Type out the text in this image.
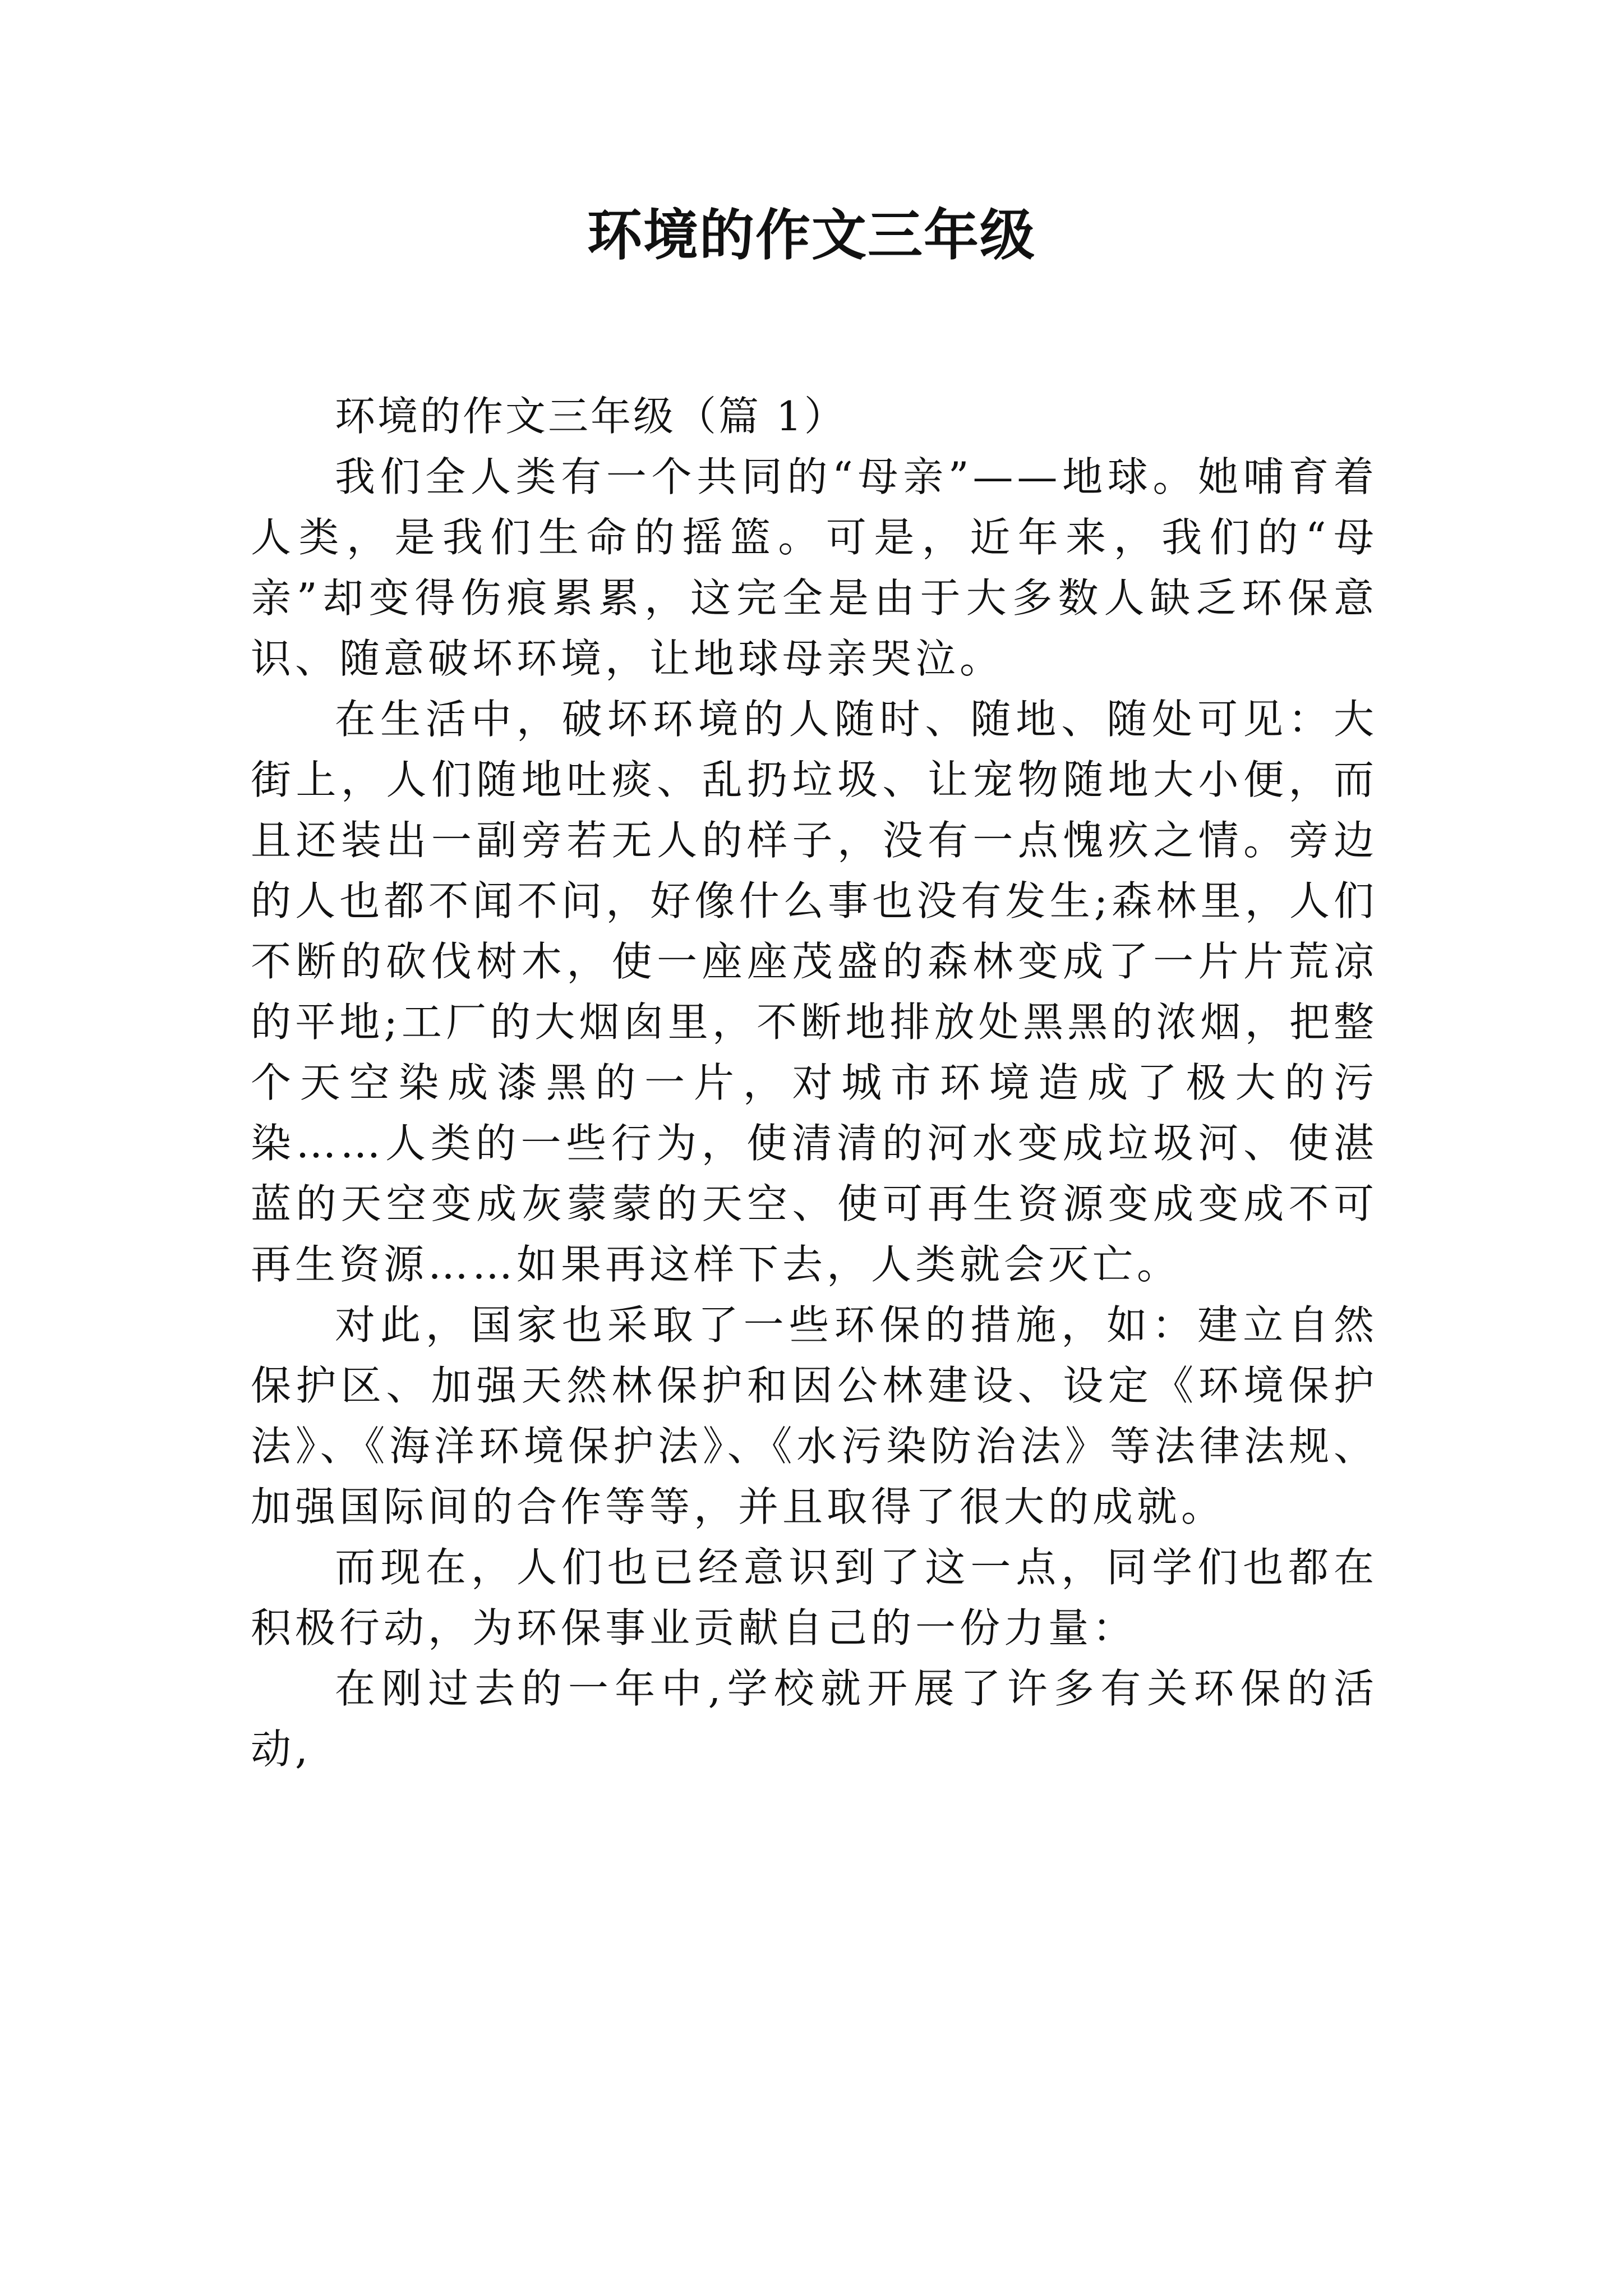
环境的作文三年级

环境的作文三年级（篇 1）

我们全人类有一个共同的“母亲”——地球。她哺育着人类，是我们生命的摇篮。可是，近年来，我们的“母亲”却变得伤痕累累，这完全是由于大多数人缺乏环保意识、随意破坏环境，让地球母亲哭泣。

在生活中，破坏环境的人随时、随地、随处可见：大街上，人们随地吐痰、乱扔垃圾、让宠物随地大小便，而且还装出一副旁若无人的样子，没有一点愧疚之情。旁边的人也都不闻不问，好像什么事也没有发生;森林里，人们不断的砍伐树木，使一座座茂盛的森林变成了一片片荒凉的平地;工厂的大烟囱里，不断地排放处黑黑的浓烟，把整个天空染成漆黑的一片，对城市环境造成了极大的污染……人类的一些行为，使清清的河水变成垃圾河、使湛蓝的天空变成灰蒙蒙的天空、使可再生资源变成变成不可再生资源……如果再这样下去，人类就会灭亡。

对此，国家也采取了一些环保的措施，如：建立自然保护区、加强天然林保护和因公林建设、设定《环境保护法》、《海洋环境保护法》、《水污染防治法》等法律法规、加强国际间的合作等等，并且取得了很大的成就。

而现在，人们也已经意识到了这一点，同学们也都在积极行动，为环保事业贡献自己的一份力量：

在刚过去的一年中,学校就开展了许多有关环保的活动,
